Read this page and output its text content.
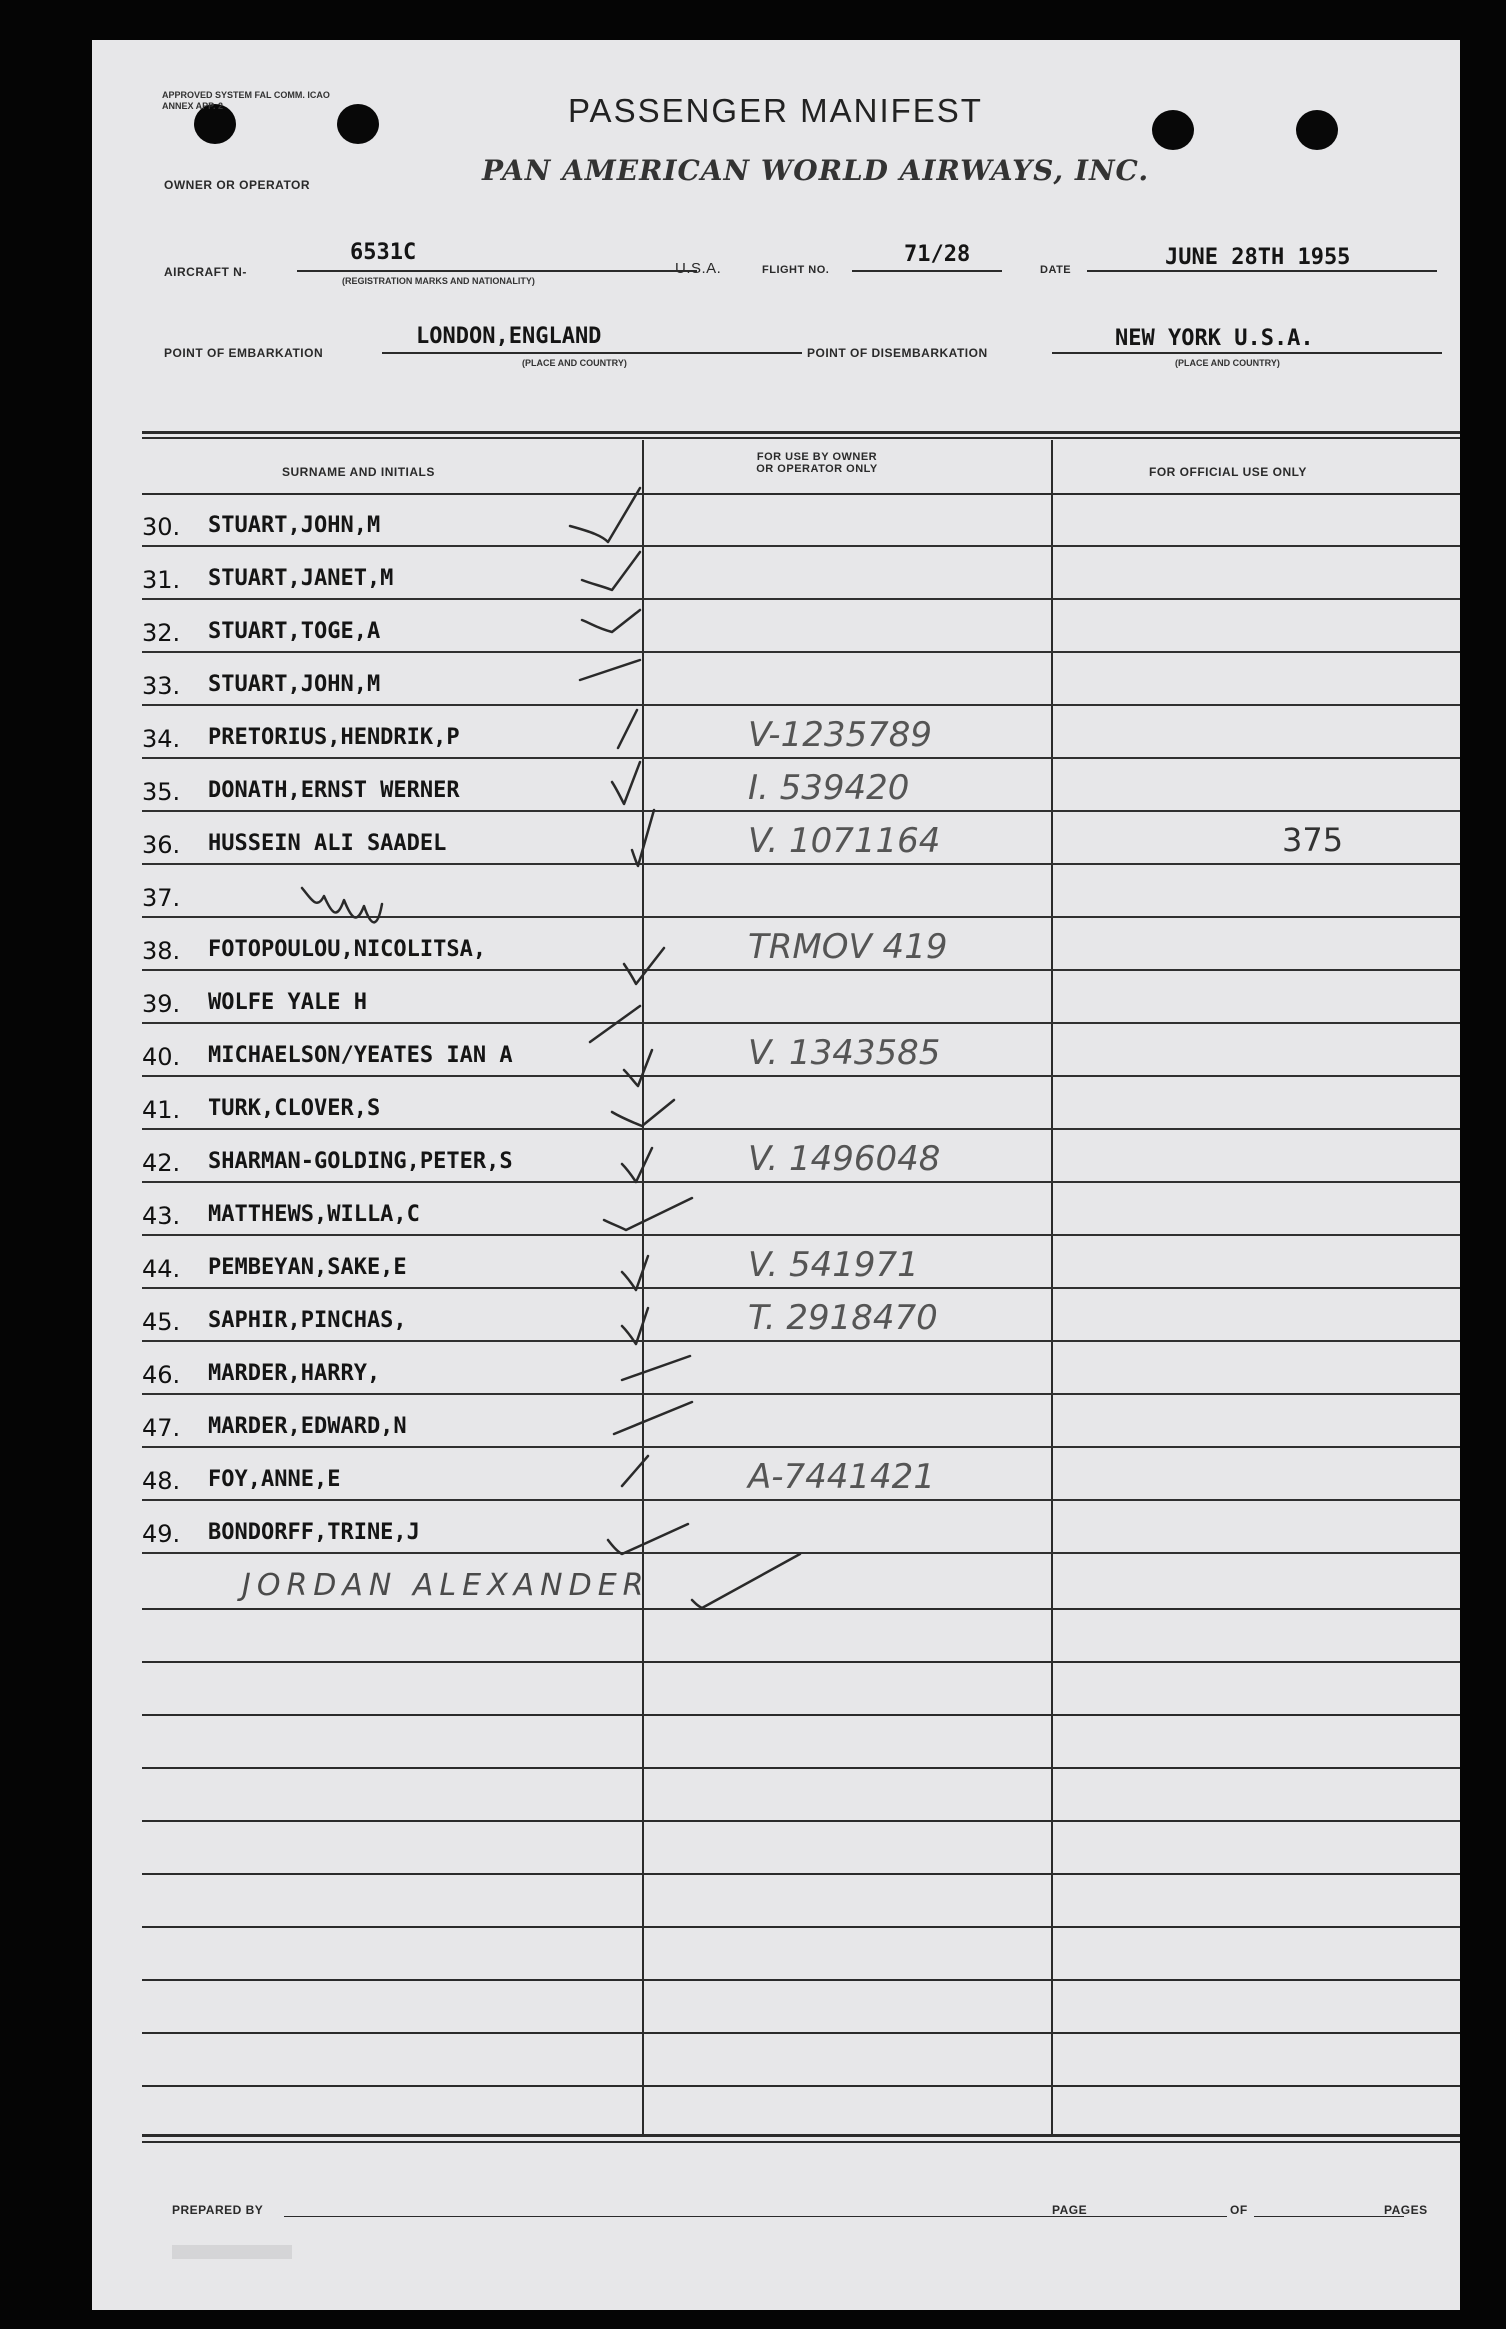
APPROVED SYSTEM FAL COMM. ICAO ANNEX APP. 2	PASSENGER MANIFEST
OWNER OR OPERATOR	PAN AMERICAN WORLD AIRWAYS, INC.
AIRCRAFT N-
6531C
(REGISTRATION MARKS AND NATIONALITY)
U.S.A.	FLIGHT NO.
71/28
DATE	JUNE 28TH 1955
POINT OF EMBARKATION
LONDON,ENGLAND
(PLACE AND COUNTRY)
POINT OF DISEMBARKATION
NEW YORK U.S.A.
(PLACE AND COUNTRY)
SURNAME AND INITIALS
FOR USE BY OWNER OR OPERATOR ONLY	FOR OFFICIAL USE ONLY
30. STUART,JOHN,M
31. STUART,JANET,M
32. STUART,TOGE,A
33. STUART,JOHN,M
34. PRETORIUS,HENDRIK,P	V-1235789
35. DONATH,ERNST WERNER	I. 539420
36. HUSSEIN ALI SAADEL	V. 1071164	375
37.
38. FOTOPOULOU,NICOLITSA,	TRMOV 419
39. WOLFE YALE H
40. MICHAELSON/YEATES IAN A	V. 1343585
41. TURK,CLOVER,S
42. SHARMAN-GOLDING,PETER,S	V. 1496048
43. MATTHEWS,WILLA,C
44. PEMBEYAN,SAKE,E	V. 541971
45. SAPHIR,PINCHAS,	T. 2918470
46. MARDER,HARRY,
47. MARDER,EDWARD,N
48. FOY,ANNE,E	A-7441421
49. BONDORFF,TRINE,J
JORDAN ALEXANDER
PREPARED BY	PAGE	OF	PAGES
